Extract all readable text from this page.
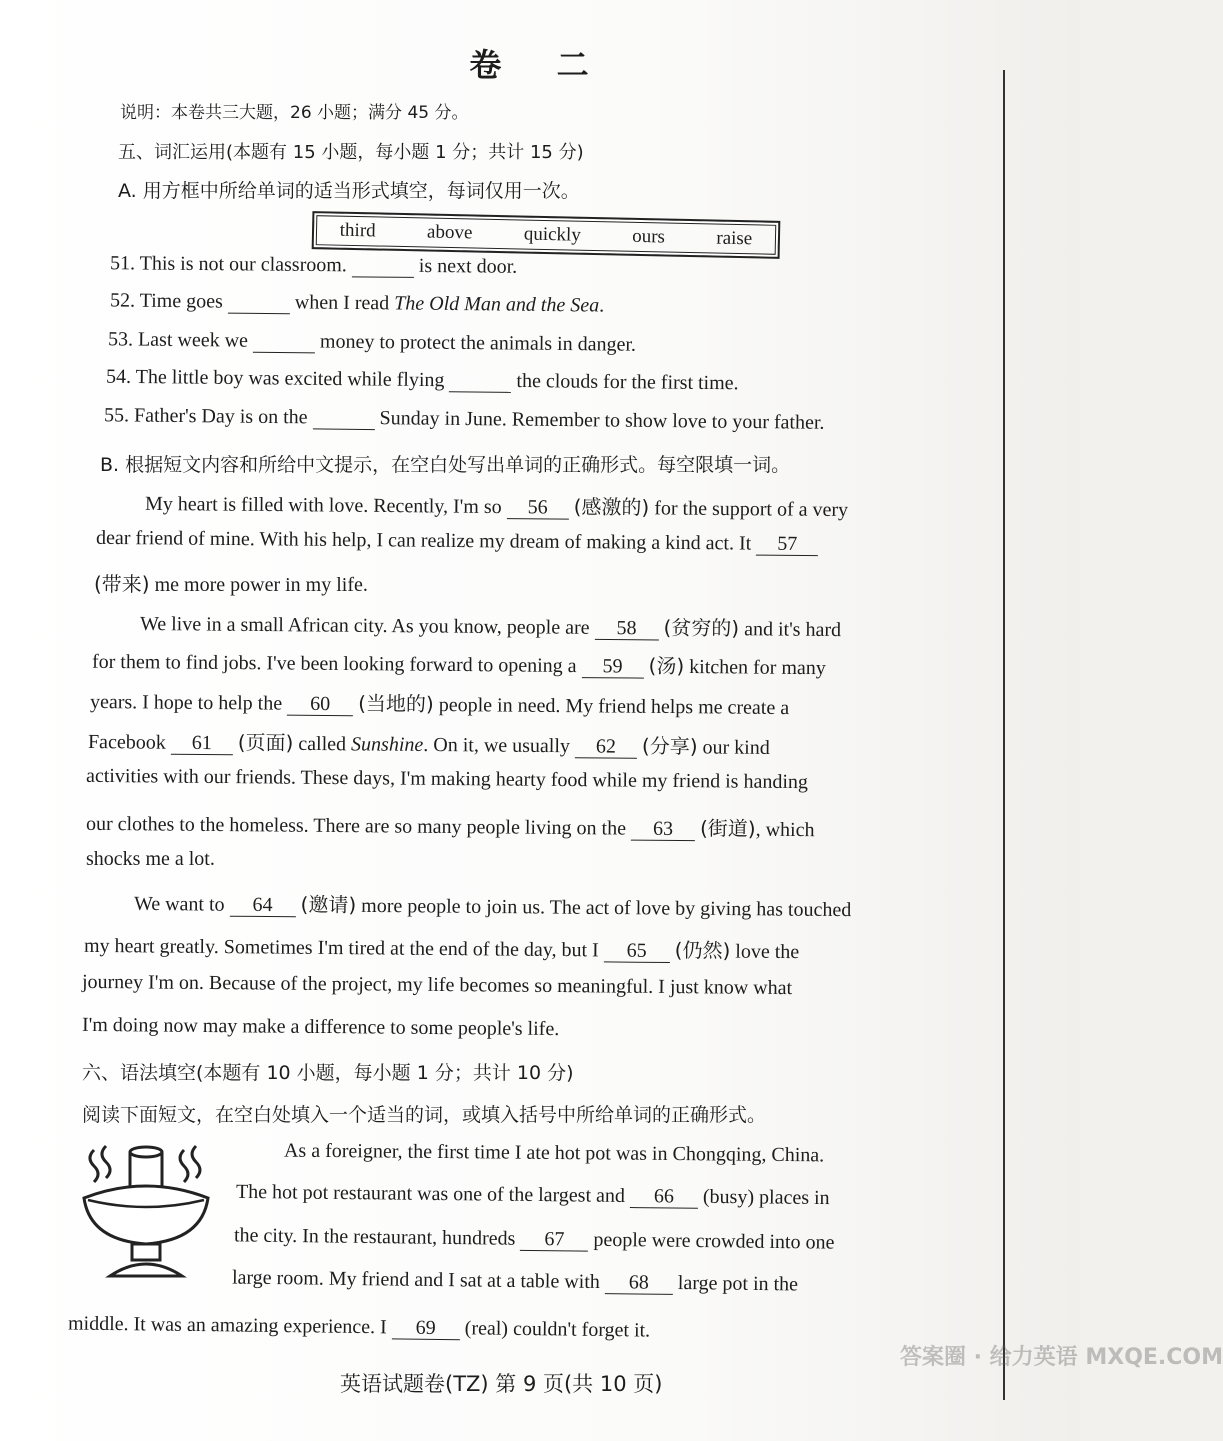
卷 二
说明：本卷共三大题，26 小题；满分 45 分。
五、词汇运用(本题有 15 小题，每小题 1 分；共计 15 分)
A. 用方框中所给单词的适当形式填空，每词仅用一次。
third	above	quickly	ours	raise
51. This is not our classroom.	is next door.
52. Time goes	when I read The Old Man and the Sea.
53. Last week we	money to protect the animals in danger.
54. The little boy was excited while flying	the clouds for the first time.
55. Father's Day is on the	Sunday in June. Remember to show love to your father.
B. 根据短文内容和所给中文提示，在空白处写出单词的正确形式。每空限填一词。
My heart is filled with love. Recently, I'm so 56 (感激的) for the support of a very
dear friend of mine. With his help, I can realize my dream of making a kind act. It 57
(带来) me more power in my life.
We live in a small African city. As you know, people are 58 (贫穷的) and it's hard
for them to find jobs. I've been looking forward to opening a 59 (汤) kitchen for many
years. I hope to help the 60 (当地的) people in need. My friend helps me create a
Facebook 61 (页面) called Sunshine. On it, we usually 62 (分享) our kind
activities with our friends. These days, I'm making hearty food while my friend is handing
our clothes to the homeless. There are so many people living on the 63 (街道), which
shocks me a lot.
We want to 64 (邀请) more people to join us. The act of love by giving has touched
my heart greatly. Sometimes I'm tired at the end of the day, but I 65 (仍然) love the
journey I'm on. Because of the project, my life becomes so meaningful. I just know what
I'm doing now may make a difference to some people's life.
六、语法填空(本题有 10 小题，每小题 1 分；共计 10 分)
阅读下面短文，在空白处填入一个适当的词，或填入括号中所给单词的正确形式。
As a foreigner, the first time I ate hot pot was in Chongqing, China.
The hot pot restaurant was one of the largest and 66 (busy) places in
the city. In the restaurant, hundreds 67 people were crowded into one
large room. My friend and I sat at a table with 68 large pot in the
middle. It was an amazing experience. I 69 (real) couldn't forget it.
英语试题卷(TZ) 第 9 页(共 10 页)
答案圈 · 给力英语 MXQE.COM
